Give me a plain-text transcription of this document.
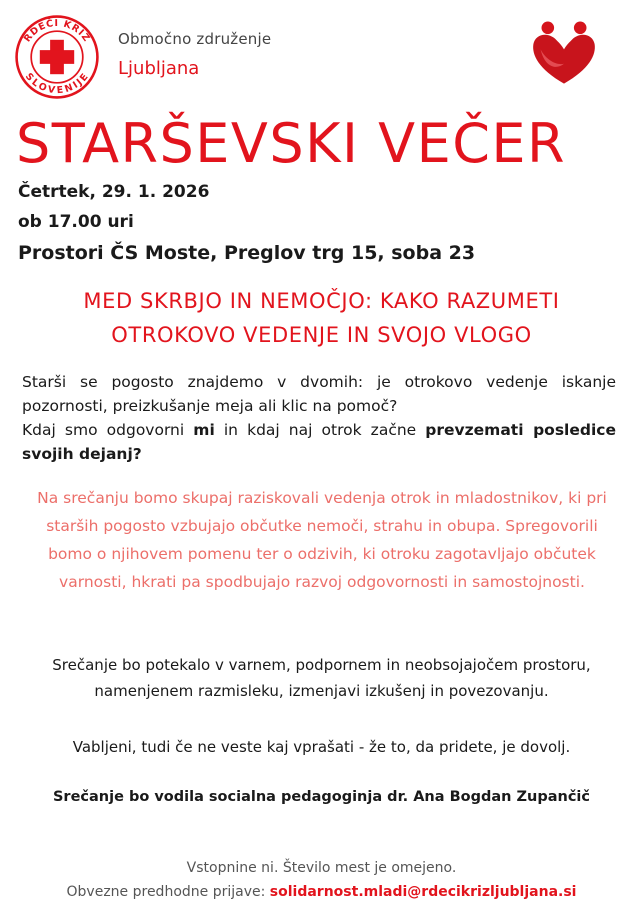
RDEČI KRIŽ
SLOVENIJE
Območno združenje
Ljubljana
STARŠEVSKI VEČER
Četrtek, 29. 1. 2026
ob 17.00 uri
Prostori ČS Moste, Preglov trg 15, soba 23
MED SKRBJO IN NEMOČJO: KAKO RAZUMETI
OTROKOVO VEDENJE IN SVOJO VLOGO
Starši se pogosto znajdemo v dvomih: je otrokovo vedenje iskanje pozornosti, preizkušanje meja ali klic na pomoč?
Kdaj smo odgovorni mi in kdaj naj otrok začne prevzemati posledice svojih dejanj?
Na srečanju bomo skupaj raziskovali vedenja otrok in mladostnikov, ki pri starših pogosto vzbujajo občutke nemoči, strahu in obupa. Spregovorili bomo o njihovem pomenu ter o odzivih, ki otroku zagotavljajo občutek varnosti, hkrati pa spodbujajo razvoj odgovornosti in samostojnosti.
Srečanje bo potekalo v varnem, podpornem in neobsojajočem prostoru, namenjenem razmisleku, izmenjavi izkušenj in povezovanju.
Vabljeni, tudi če ne veste kaj vprašati - že to, da pridete, je dovolj.
Srečanje bo vodila socialna pedagoginja dr. Ana Bogdan Zupančič
Vstopnine ni. Število mest je omejeno.
Obvezne predhodne prijave: solidarnost.mladi@rdecikrizljubljana.si
